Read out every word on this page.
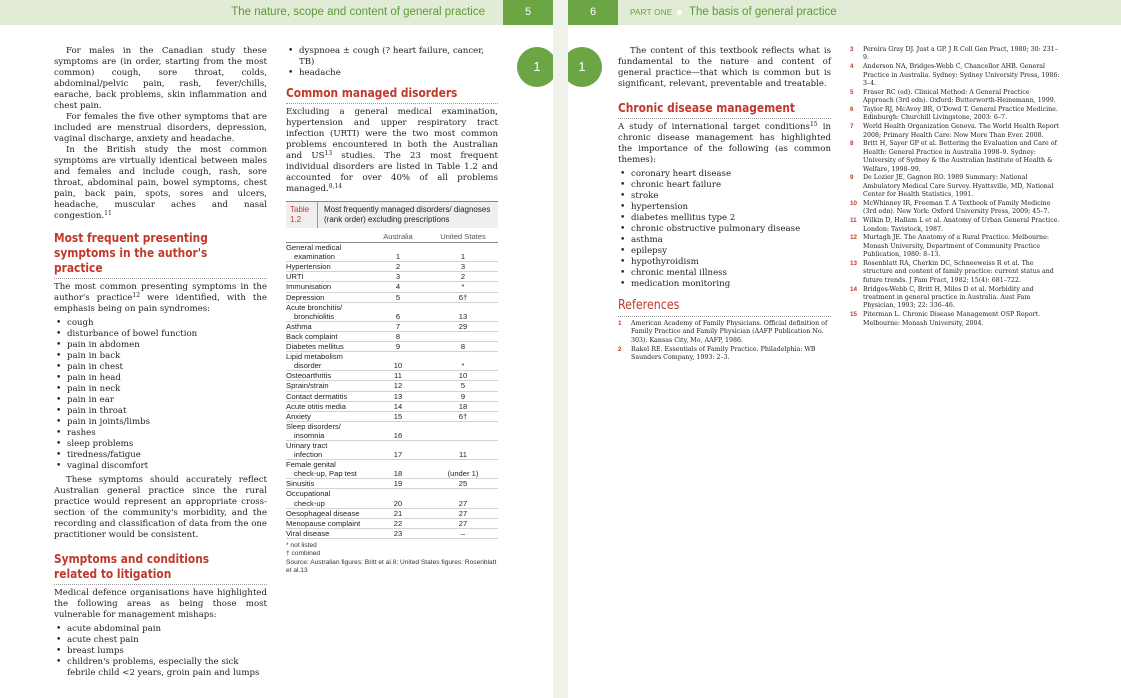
The nature, scope and content of general practice	5
1

For males in the Canadian study these symptoms are (in order, starting from the most common) cough, sore throat, colds, abdominal/pelvic pain, rash, fever/chills, earache, back problems, skin inflammation and chest pain.

For females the five other symptoms that are included are menstrual disorders, depression, vaginal discharge, anxiety and headache.

In the British study the most common symptoms are virtually identical between males and females and include cough, rash, sore throat, abdominal pain, bowel symptoms, chest pain, back pain, spots, sores and ulcers, headache, muscular aches and nasal congestion.$^{11}$

Most frequent presenting symptoms in the author's practice

The most common presenting symptoms in the author's practice$^{12}$ were identified, with the emphasis being on pain syndromes:

• cough
• disturbance of bowel function
• pain in abdomen
• pain in back
• pain in chest
• pain in head
• pain in neck
• pain in ear
• pain in throat
• pain in joints/limbs
• rashes
• sleep problems
• tiredness/fatigue
• vaginal discomfort

These symptoms should accurately reflect Australian general practice since the rural practice would represent an appropriate cross-section of the community's morbidity, and the recording and classification of data from the one practitioner would be consistent.

Symptoms and conditions related to litigation

Medical defence organisations have highlighted the following areas as being those most vulnerable for management mishaps:

• acute abdominal pain
• acute chest pain
• breast lumps
• children's problems, especially the sick febrile child <2 years, groin pain and lumps
• dyspnoea ± cough (? heart failure, cancer, TB)
• headache
Common managed disorders

Excluding a general medical examination, hypertension and upper respiratory tract infection (URTI) were the two most common problems encountered in both the Australian and US$^{13}$ studies. The 23 most frequent individual disorders are listed in Table 1.2 and accounted for over 40% of all problems managed.$^{8,14}$

Table
1.2
Most frequently managed disorders/ diagnoses (rank order) excluding prescriptions
Australia	United States
General medical
examination	1	1
Hypertension	2	3
URTI	3	2
Immunisation	4	*
Depression	5	6†
Acute bronchitis/
bronchiolitis	6	13
Asthma	7	29
Back complaint	8
Diabetes mellitus	9	8
Lipid metabolism
disorder	10	*
Osteoarthritis	11	10
Sprain/strain	12	5
Contact dermatitis	13	9
Acute otitis media	14	18
Anxiety	15	6†
Sleep disorders/
insomnia	16
Urinary tract
infection	17	11
Female genital
check-up, Pap test	18	(under 1)
Sinusitis	19	25
Occupational
check-up	20	27
Oesophageal disease	21	27
Menopause complaint	22	27
Viral disease	23	–
* not listed
† combined
Source: Australian figures: Britt et al.8; United States figures: Rosenblatt et al.13
6	PART ONE The basis of general practice
1

The content of this textbook reflects what is fundamental to the nature and content of general practice—that which is common but is significant, relevant, preventable and treatable.

Chronic disease management

A study of international target conditions$^{15}$ in chronic disease management has highlighted the importance of the following (as common themes):

• coronary heart disease
• chronic heart failure
• stroke
• hypertension
• diabetes mellitus type 2
• chronic obstructive pulmonary disease
• asthma
• epilepsy
• hypothyroidism
• chronic mental illness
• medication monitoring
References
1	American Academy of Family Physicians. Official definition of Family Practice and Family Physician (AAFP Publication No. 303). Kansas City, Mo, AAFP, 1986.
2	Rakel RE. Essentials of Family Practice. Philadelphia: WB Saunders Company, 1993: 2–3.
3	Pereira Gray DJ. Just a GP. J R Coll Gen Pract, 1980; 30: 231–9.
4	Anderson NA, Bridges-Webb C, Chancellor AHB. General Practice in Australia. Sydney: Sydney University Press, 1986: 3–4.
5	Fraser RC (ed). Clinical Method: A General Practice Approach (3rd edn). Oxford: Butterworth-Heinemann, 1999.
6	Taylor RJ, McAvoy BR, O'Dowd T. General Practice Medicine. Edinburgh: Churchill Livingstone, 2003: 6–7.
7	World Health Organization Geneva. The World Health Report 2008; Primary Health Care: Now More Than Ever. 2008.
8	Britt H, Sayer GP et al. Bettering the Evaluation and Care of Health: General Practice in Australia 1998–9. Sydney: University of Sydney & the Australian Institute of Health & Welfare, 1998–99.
9	De Lozier JE, Gagnon RO. 1989 Summary: National Ambulatory Medical Care Survey. Hyattsville, MD, National Center for Health Statistics, 1991.
10 McWhinney IR, Freeman T. A Textbook of Family Medicine (3rd edn). New York: Oxford University Press, 2009; 45–7.
11	Wilkin D, Hallam L et al. Anatomy of Urban General Practice. London: Tavistock, 1987.
12 Murtagh JE. The Anatomy of a Rural Practice. Melbourne: Monash University, Department of Community Practice Publication, 1980: 8–13.
13 Rosenblatt RA, Cherkin DC, Schneeweiss R et al. The structure and content of family practice: current status and future trends. J Fam Pract, 1982; 15(4): 681–722.
14 Bridges-Webb C, Britt H, Miles D et al. Morbidity and treatment in general practice in Australia. Aust Fam Physician, 1993; 22: 336–46.
15 Piterman L. Chronic Disease Management OSP Report. Melbourne: Monash University, 2004.
